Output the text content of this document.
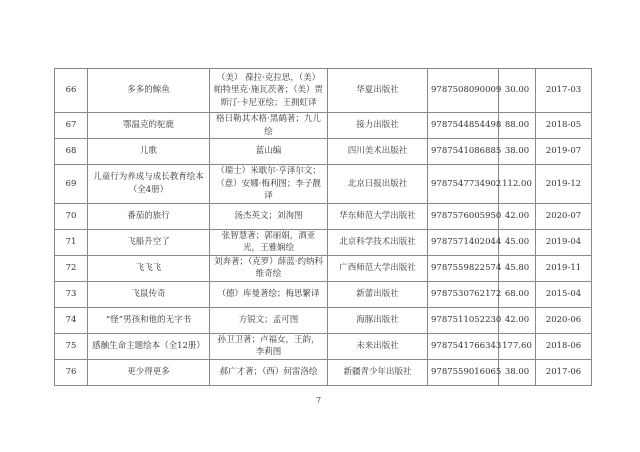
66	多多的鲸鱼	（美） 葆拉·克拉思，（美）帕特里克·施瓦茨著；（美）贾斯汀·卡尼亚绘；王拥虹译	华夏出版社	9787508090009	30.00	2017-03
67	鄂温克的驼鹿	格日勒其木格·黑鹤著；九儿绘	接力出版社	9787544854498	88.00	2018-05
68	儿歌	蓝山编	四川美术出版社	9787541086885	38.00	2019-07
69	儿童行为养成与成长教育绘本（全4册）	（瑞士）米歇尔·亨泽尔文；（意）安娜·梅利图；李子靓译	北京日报出版社	9787547734902	112.00	2019-12
70	番茄的旅行	汤杰英文；刘洵图	华东师范大学出版社	9787576005950	42.00	2020-07
71	飞船升空了	张智慧著；郭丽娟，酒亚光，王雅娴绘	北京科学技术出版社	9787571402044	45.00	2019-04
72	飞飞飞	刘奔著；（克罗）薛蓝·约纳科维奇绘	广西师范大学出版社	9787559822574	45.80	2019-11
73	飞鼠传奇	（德）库曼著绘；梅思繁译	新蕾出版社	9787530762172	68.00	2015-04
74	“怪”男孩和他的无字书	方锐文；孟可图	海豚出版社	9787511052230	42.00	2020-06
75	感触生命主题绘本（全12册）	孙卫卫著；卢福女，王韵，李莉图	未来出版社	9787541766343	177.60	2018-06
76	更少得更多	郝广才著；（西）何雷洛绘	新疆青少年出版社	9787559016065	38.00	2017-06
7
